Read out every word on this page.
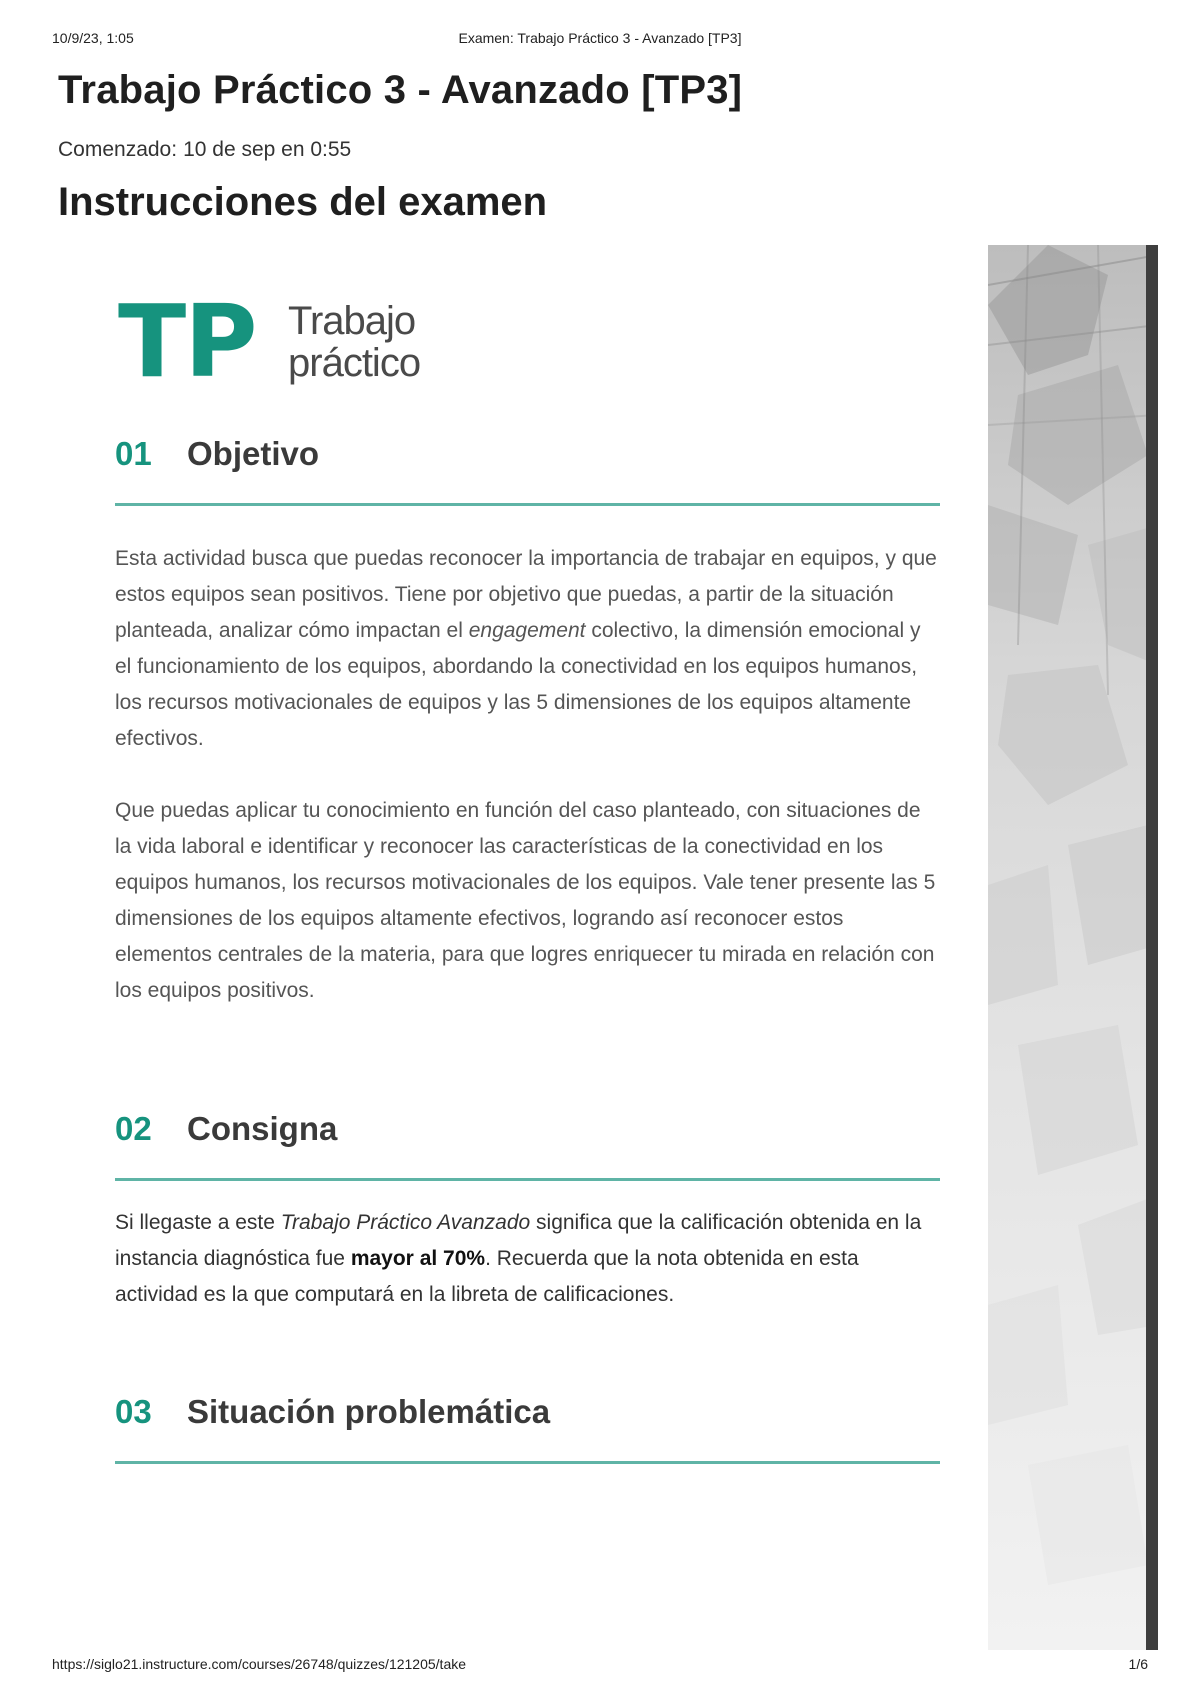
10/9/23, 1:05	Examen: Trabajo Práctico 3 - Avanzado [TP3]
Trabajo Práctico 3 - Avanzado [TP3]
Comenzado: 10 de sep en 0:55
Instrucciones del examen
TP Trabajo
práctico
01 Objetivo

Esta actividad busca que puedas reconocer la importancia de trabajar en equipos, y que estos equipos sean positivos. Tiene por objetivo que puedas, a partir de la situación planteada, analizar cómo impactan el engagement colectivo, la dimensión emocional y el funcionamiento de los equipos, abordando la conectividad en los equipos humanos, los recursos motivacionales de equipos y las 5 dimensiones de los equipos altamente efectivos.

Que puedas aplicar tu conocimiento en función del caso planteado, con situaciones de la vida laboral e identificar y reconocer las características de la conectividad en los equipos humanos, los recursos motivacionales de los equipos. Vale tener presente las 5 dimensiones de los equipos altamente efectivos, logrando así reconocer estos elementos centrales de la materia, para que logres enriquecer tu mirada en relación con los equipos positivos.

02 Consigna

Si llegaste a este Trabajo Práctico Avanzado significa que la calificación obtenida en la instancia diagnóstica fue mayor al 70%. Recuerda que la nota obtenida en esta actividad es la que computará en la libreta de calificaciones.

03 Situación problemática
https://siglo21.instructure.com/courses/26748/quizzes/121205/take	1/6
